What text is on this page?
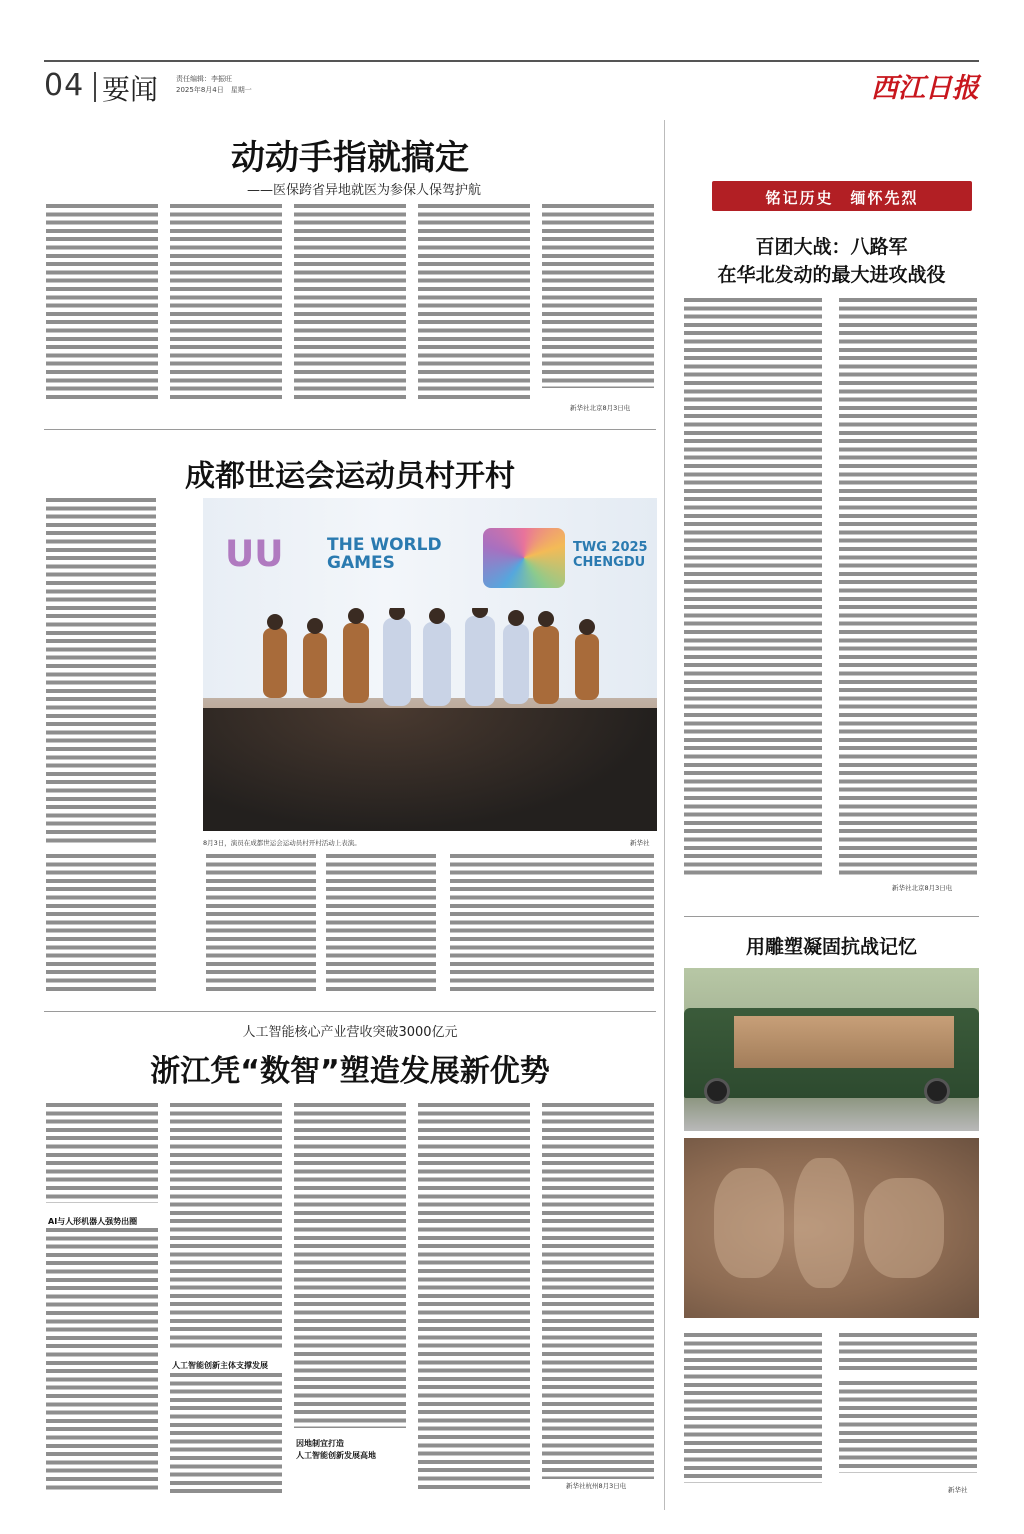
04 要闻	责任编辑：李振旺
2025年8月4日　星期一	西江日报
动动手指就搞定
——医保跨省异地就医为参保人保驾护航
新华社北京8月3日电
成都世运会运动员村开村
ᑌᑌ	THE WORLD GAMES
TWG 2025 CHENGDU
8月3日，演员在成都世运会运动员村开村活动上表演。	新华社
人工智能核心产业营收突破3000亿元
浙江凭“数智”塑造发展新优势
AI与人形机器人强势出圈
人工智能创新主体支撑发展
因地制宜打造
人工智能创新发展高地
新华社杭州8月3日电
铭记历史　缅怀先烈
百团大战：八路军
在华北发动的最大进攻战役
新华社北京8月3日电
用雕塑凝固抗战记忆
新华社
